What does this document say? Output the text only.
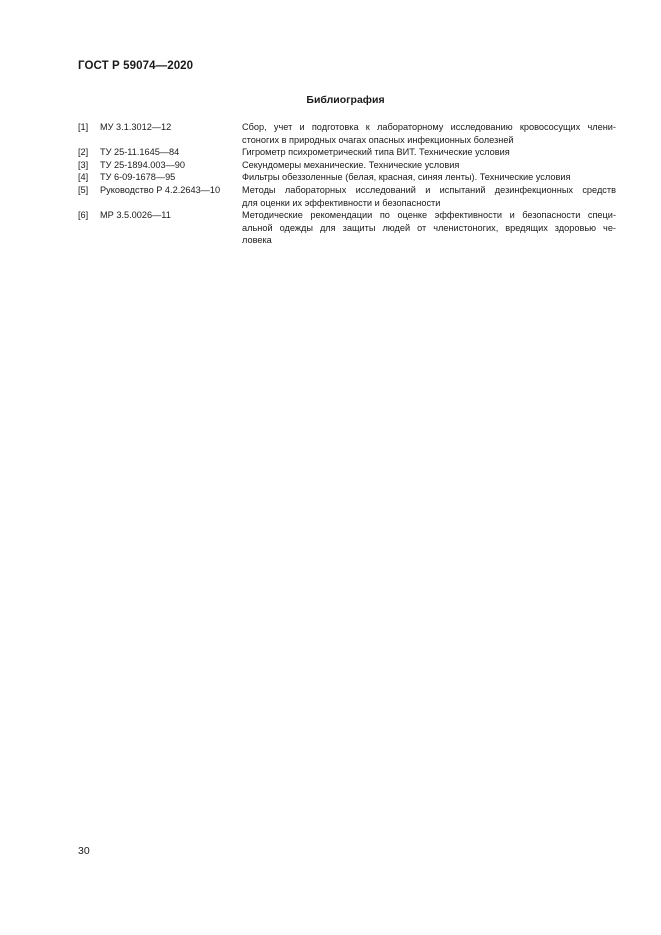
ГОСТ Р 59074—2020
Библиография
[1]	МУ 3.1.3012—12	Сбор, учет и подготовка к лабораторному исследованию кровососущих члени-
стоногих в природных очагах опасных инфекционных болезней
[2]	ТУ 25-11.1645—84	Гигрометр психрометрический типа ВИТ. Технические условия
[3]	ТУ 25-1894.003—90	Секундомеры механические. Технические условия
[4]	ТУ 6-09-1678—95	Фильтры обеззоленные (белая, красная, синяя ленты). Технические условия
[5]	Руководство Р 4.2.2643—10	Методы лабораторных исследований и испытаний дезинфекционных средств
для оценки их эффективности и безопасности
[6]	МР 3.5.0026—11	Методические рекомендации по оценке эффективности и безопасности специ-
альной одежды для защиты людей от членистоногих, вредящих здоровью че-
ловека
30
